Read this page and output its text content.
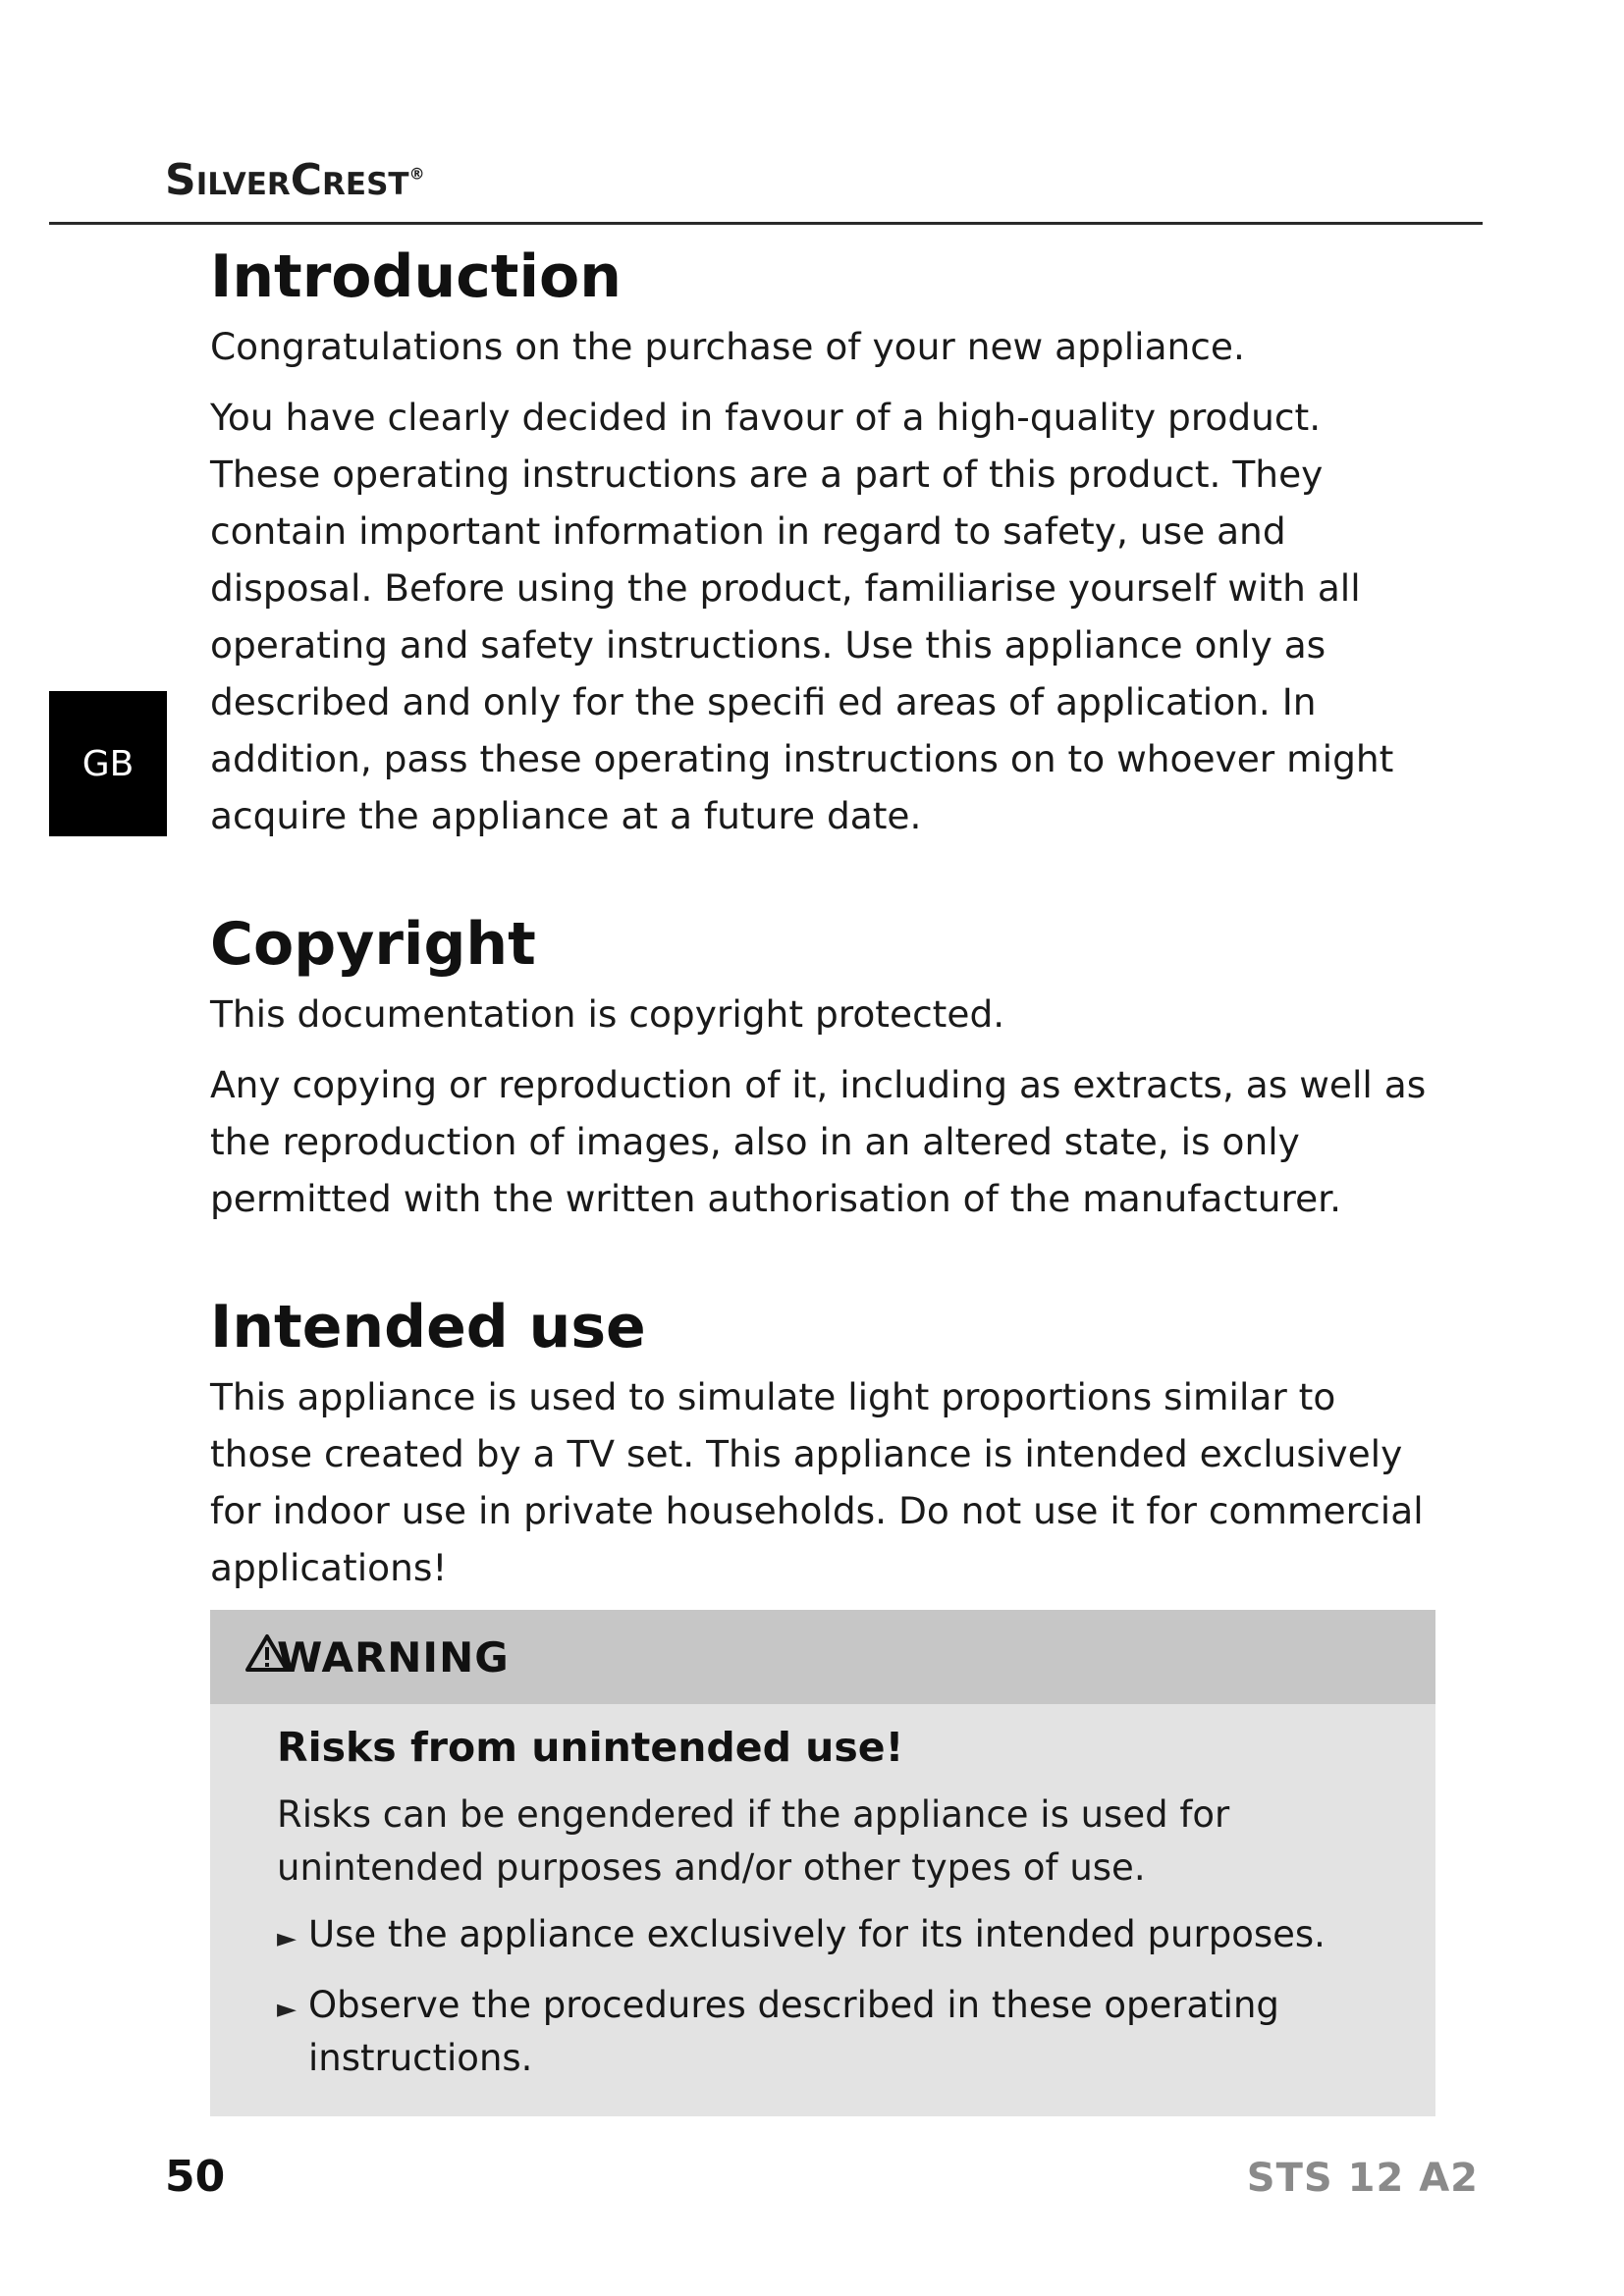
SilverCrest®
GB
Introduction

Congratulations on the purchase of your new appliance.

You have clearly decided in favour of a high-quality product. These operating instructions are a part of this product. They contain important information in regard to safety, use and disposal. Before using the product, familiarise yourself with all operating and safety instructions. Use this appliance only as described and only for the specifi ed areas of application. In addition, pass these operating instructions on to whoever might acquire the appliance at a future date.

Copyright

This documentation is copyright protected.

Any copying or reproduction of it, including as extracts, as well as the reproduction of images, also in an altered state, is only permitted with the written authorisation of the manufacturer.

Intended use

This appliance is used to simulate light proportions similar to those created by a TV set. This appliance is intended exclusively for indoor use in private households. Do not use it for commercial applications!

WARNING
Risks from unintended use!

Risks can be engendered if the appliance is used for unintended purposes and/or other types of use.

► Use the appliance exclusively for its intended purposes.
► Observe the procedures described in these operating instructions.
50	STS 12 A2
